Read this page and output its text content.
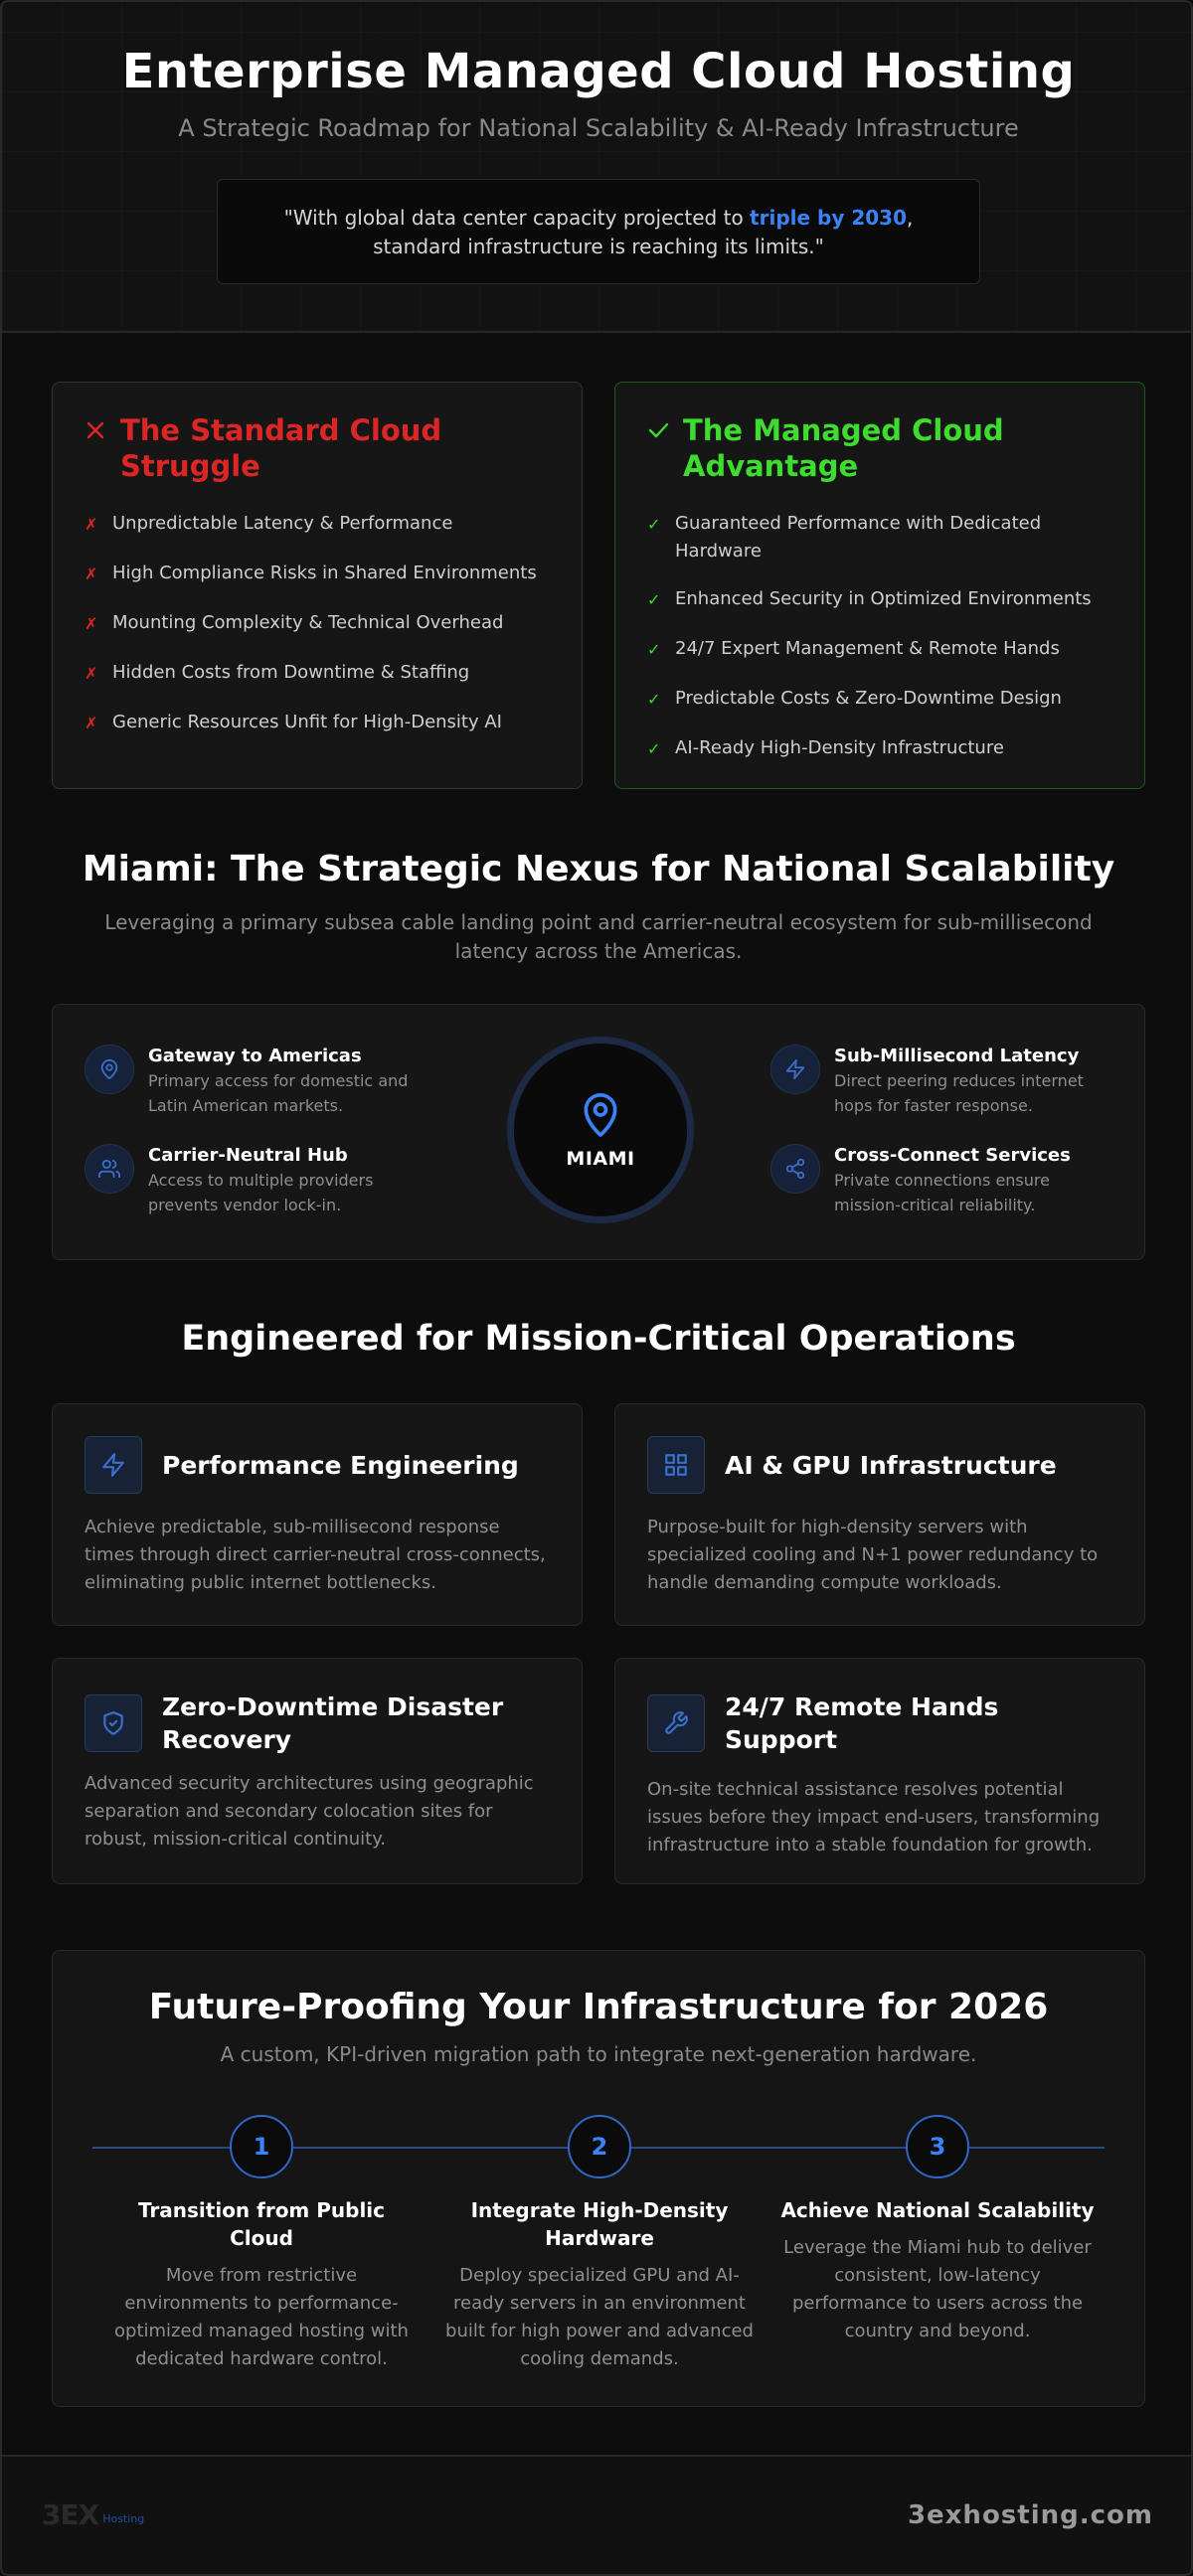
Enterprise Managed Cloud Hosting
A Strategic Roadmap for National Scalability & AI-Ready Infrastructure
"With global data center capacity projected to triple by 2030,
standard infrastructure is reaching its limits."
The Standard Cloud Struggle
✗ Unpredictable Latency & Performance
✗ High Compliance Risks in Shared Environments
✗ Mounting Complexity & Technical Overhead
✗ Hidden Costs from Downtime & Staffing
✗ Generic Resources Unfit for High-Density AI
The Managed Cloud Advantage
✓ Guaranteed Performance with Dedicated Hardware
✓ Enhanced Security in Optimized Environments
✓ 24/7 Expert Management & Remote Hands
✓ Predictable Costs & Zero-Downtime Design
✓ AI-Ready High-Density Infrastructure
Miami: The Strategic Nexus for National Scalability
Leveraging a primary subsea cable landing point and carrier-neutral ecosystem for sub-millisecond
latency across the Americas.
Gateway to Americas
Primary access for domestic and
Latin American markets.
Carrier-Neutral Hub
Access to multiple providers
prevents vendor lock-in.
MIAMI
Sub-Millisecond Latency
Direct peering reduces internet
hops for faster response.
Cross-Connect Services
Private connections ensure
mission-critical reliability.
Engineered for Mission-Critical Operations
Performance Engineering
Achieve predictable, sub-millisecond response times through direct carrier-neutral cross-connects, eliminating public internet bottlenecks.
AI & GPU Infrastructure
Purpose-built for high-density servers with specialized cooling and N+1 power redundancy to handle demanding compute workloads.
Zero-Downtime Disaster Recovery
Advanced security architectures using geographic separation and secondary colocation sites for robust, mission-critical continuity.
24/7 Remote Hands Support
On-site technical assistance resolves potential issues before they impact end-users, transforming infrastructure into a stable foundation for growth.
Future-Proofing Your Infrastructure for 2026
A custom, KPI-driven migration path to integrate next-generation hardware.
1
Transition from Public Cloud
Move from restrictive environments to performance-optimized managed hosting with dedicated hardware control.
2
Integrate High-Density Hardware
Deploy specialized GPU and AI-ready servers in an environment built for high power and advanced cooling demands.
3
Achieve National Scalability
Leverage the Miami hub to deliver consistent, low-latency performance to users across the country and beyond.
3EX Hosting	3exhosting.com
